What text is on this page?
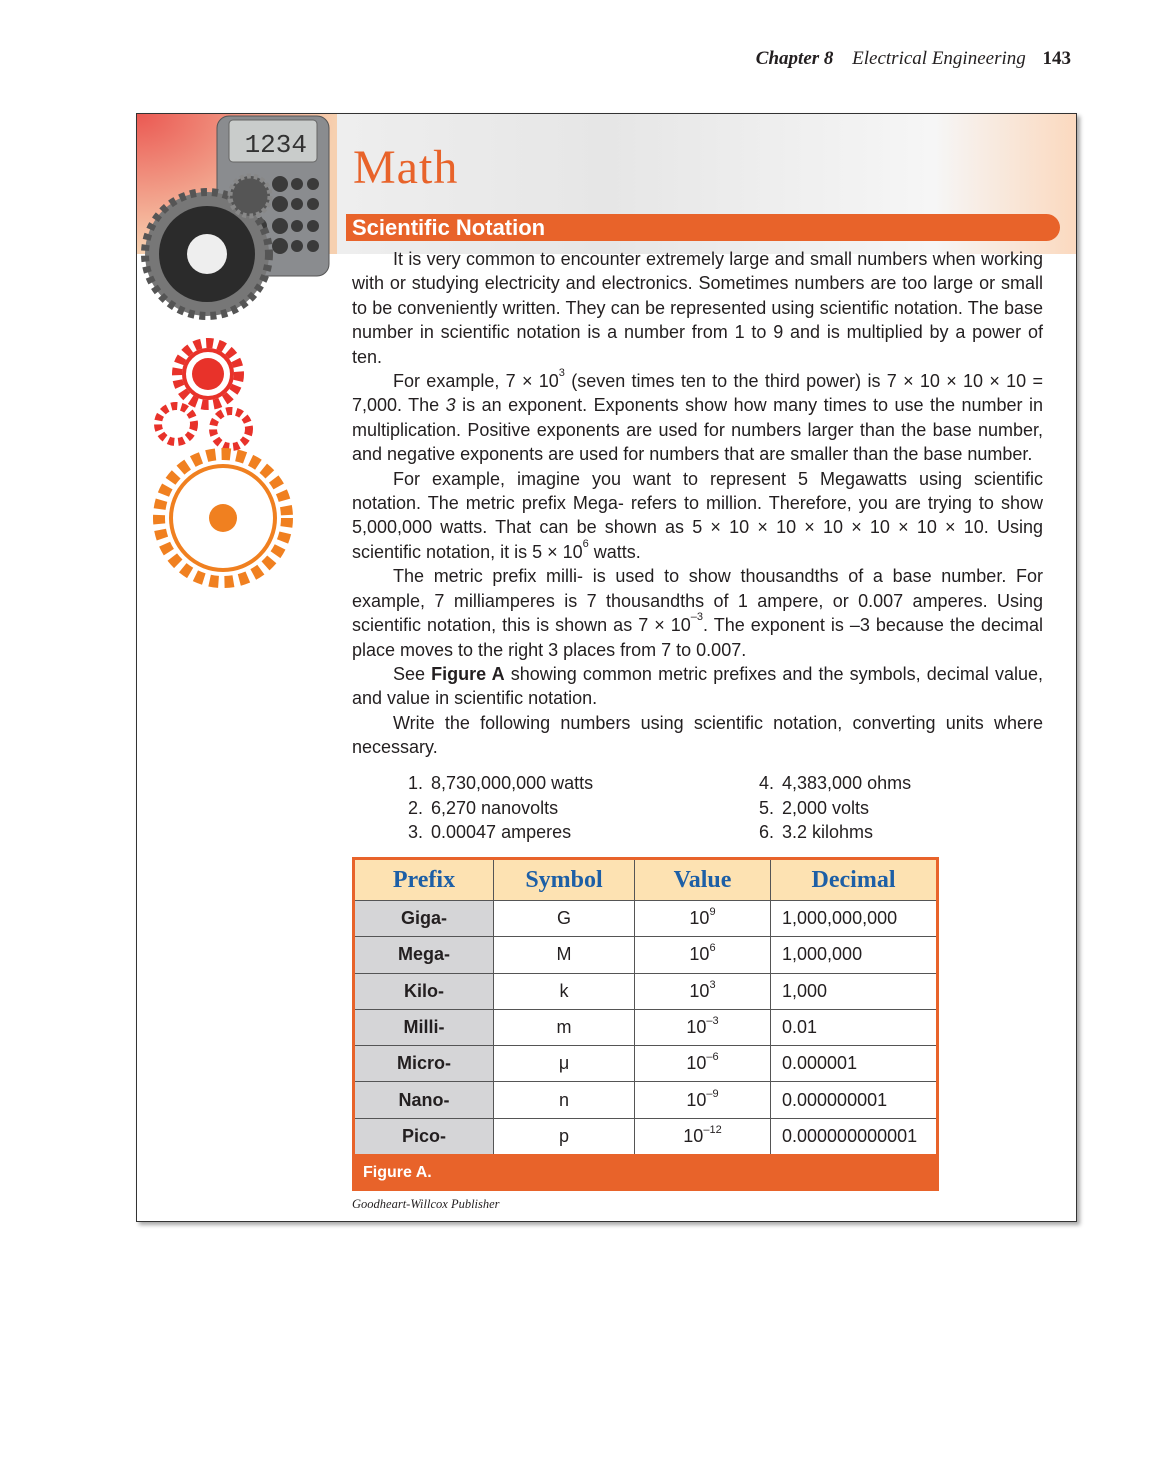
Chapter 8 Electrical Engineering 143
1234 Math
Scientific Notation

It is very common to encounter extremely large and small numbers when working with or studying electricity and electronics. Sometimes numbers are too large or small to be conveniently written. They can be represented using scientific notation. The base number in scientific notation is a number from 1 to 9 and is multiplied by a power of ten.

For example, $7 \times 10^3$ (seven times ten to the third power) is 7 × 10 × 10 × 10 = 7,000. The 3 is an exponent. Exponents show how many times to use the number in multiplication. Positive exponents are used for numbers larger than the base number, and negative exponents are used for numbers that are smaller than the base number.

For example, imagine you want to represent 5 Megawatts using scientific notation. The metric prefix Mega- refers to million. Therefore, you are trying to show 5,000,000 watts. That can be shown as 5 × 10 × 10 × 10 × 10 × 10 × 10. Using scientific notation, it is $5 \times 10^6$ watts.

The metric prefix milli- is used to show thousandths of a base number. For example, 7 milliamperes is 7 thousandths of 1 ampere, or 0.007 amperes. Using scientific notation, this is shown as $7 \times 10^{-3}$. The exponent is –3 because the decimal place moves to the right 3 places from 7 to 0.007.

See Figure A showing common metric prefixes and the symbols, decimal value, and value in scientific notation.

Write the following numbers using scientific notation, converting units where necessary.

1. 8,730,000,000 watts
2. 6,270 nanovolts
3. 0.00047 amperes
4. 4,383,000 ohms
5. 2,000 volts
6. 3.2 kilohms
Prefix	Symbol	Value	Decimal
Giga-	G	$10^9$	1,000,000,000
Mega-	M	$10^6$	1,000,000
Kilo-	k	$10^3$	1,000
Milli-	m	$10^{-3}$	0.01
Micro-	μ	$10^{-6}$	0.000001
Nano-	n	$10^{-9}$	0.000000001
Pico-	p	$10^{-12}$	0.000000000001
Figure A.
Goodheart-Willcox Publisher
